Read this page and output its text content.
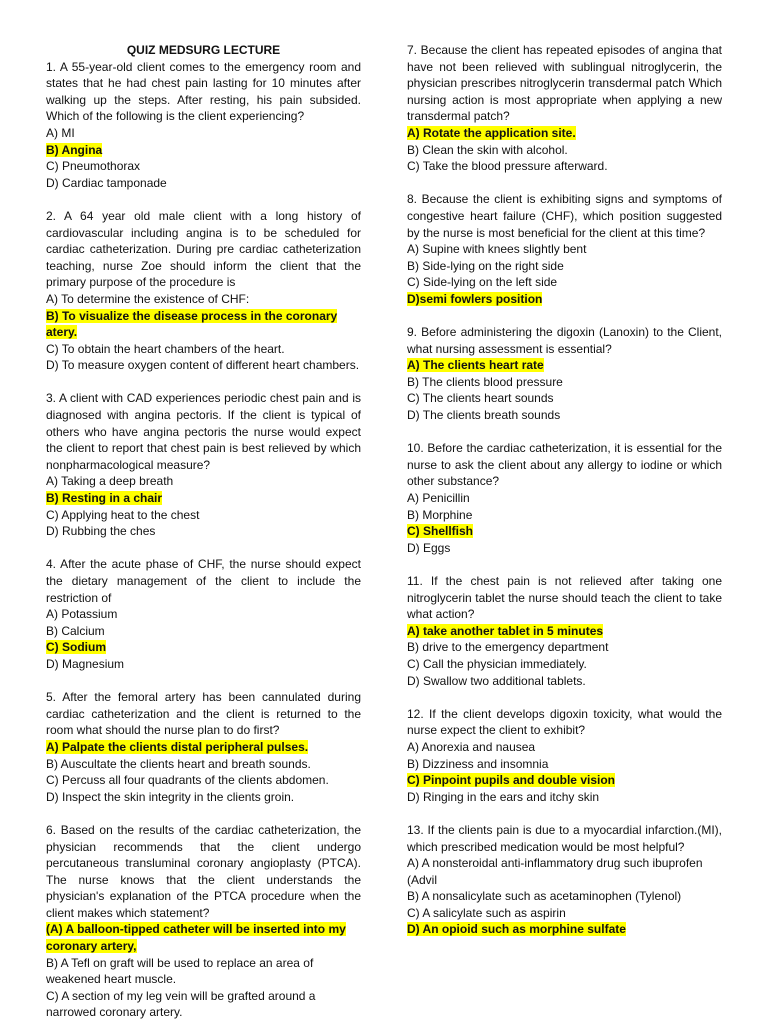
QUIZ MEDSURG LECTURE

1. A 55-year-old client comes to the emergency room and states that he had chest pain lasting for 10 minutes after walking up the steps. After resting, his pain subsided. Which of the following is the client experiencing?

A) MI
B) Angina
C) Pneumothorax
D) Cardiac tamponade

2. A 64 year old male client with a long history of cardiovascular including angina is to be scheduled for cardiac catheterization. During pre cardiac catheterization teaching, nurse Zoe should inform the client that the primary purpose of the procedure is

A) To determine the existence of CHF:
B) To visualize the disease process in the coronary atery.
C) To obtain the heart chambers of the heart.
D) To measure oxygen content of different heart chambers.

3. A client with CAD experiences periodic chest pain and is diagnosed with angina pectoris. If the client is typical of others who have angina pectoris the nurse would expect the client to report that chest pain is best relieved by which nonpharmacological measure?

A) Taking a deep breath
B) Resting in a chair
C) Applying heat to the chest
D) Rubbing the ches

4. After the acute phase of CHF, the nurse should expect the dietary management of the client to include the restriction of

A) Potassium
B) Calcium
C) Sodium
D) Magnesium

5. After the femoral artery has been cannulated during cardiac catheterization and the client is returned to the room what should the nurse plan to do first?

A) Palpate the clients distal peripheral pulses.
B) Auscultate the clients heart and breath sounds.
C) Percuss all four quadrants of the clients abdomen.
D) Inspect the skin integrity in the clients groin.

6. Based on the results of the cardiac catheterization, the physician recommends that the client undergo percutaneous transluminal coronary angioplasty (PTCA). The nurse knows that the client understands the physician's explanation of the PTCA procedure when the client makes which statement?

(A) A balloon-tipped catheter will be inserted into my coronary artery,
B) A Tefl on graft will be used to replace an area of weakened heart muscle.
C) A section of my leg vein will be grafted around a narrowed coronary artery.

7. Because the client has repeated episodes of angina that have not been relieved with sublingual nitroglycerin, the physician prescribes nitroglycerin transdermal patch Which nursing action is most appropriate when applying a new transdermal patch?

A) Rotate the application site.
B) Clean the skin with alcohol.
C) Take the blood pressure afterward.

8. Because the client is exhibiting signs and symptoms of congestive heart failure (CHF), which position suggested by the nurse is most beneficial for the client at this time?

A) Supine with knees slightly bent
B) Side-lying on the right side
C) Side-lying on the left side
D)semi fowlers position

9. Before administering the digoxin (Lanoxin) to the Client, what nursing assessment is essential?

A) The clients heart rate
B) The clients blood pressure
C) The clients heart sounds
D) The clients breath sounds

10. Before the cardiac catheterization, it is essential for the nurse to ask the client about any allergy to iodine or which other substance?

A) Penicillin
B) Morphine
C) Shellfish
D) Eggs

11. If the chest pain is not relieved after taking one nitroglycerin tablet the nurse should teach the client to take what action?

A) take another tablet in 5 minutes
B) drive to the emergency department
C) Call the physician immediately.
D) Swallow two additional tablets.

12. If the client develops digoxin toxicity, what would the nurse expect the client to exhibit?

A) Anorexia and nausea
B) Dizziness and insomnia
C) Pinpoint pupils and double vision
D) Ringing in the ears and itchy skin

13. If the clients pain is due to a myocardial infarction.(MI), which prescribed medication would be most helpful?

A) A nonsteroidal anti-inflammatory drug such ibuprofen (Advil
B) A nonsalicylate such as acetaminophen (Tylenol)
C) A salicylate such as aspirin
D) An opioid such as morphine sulfate
